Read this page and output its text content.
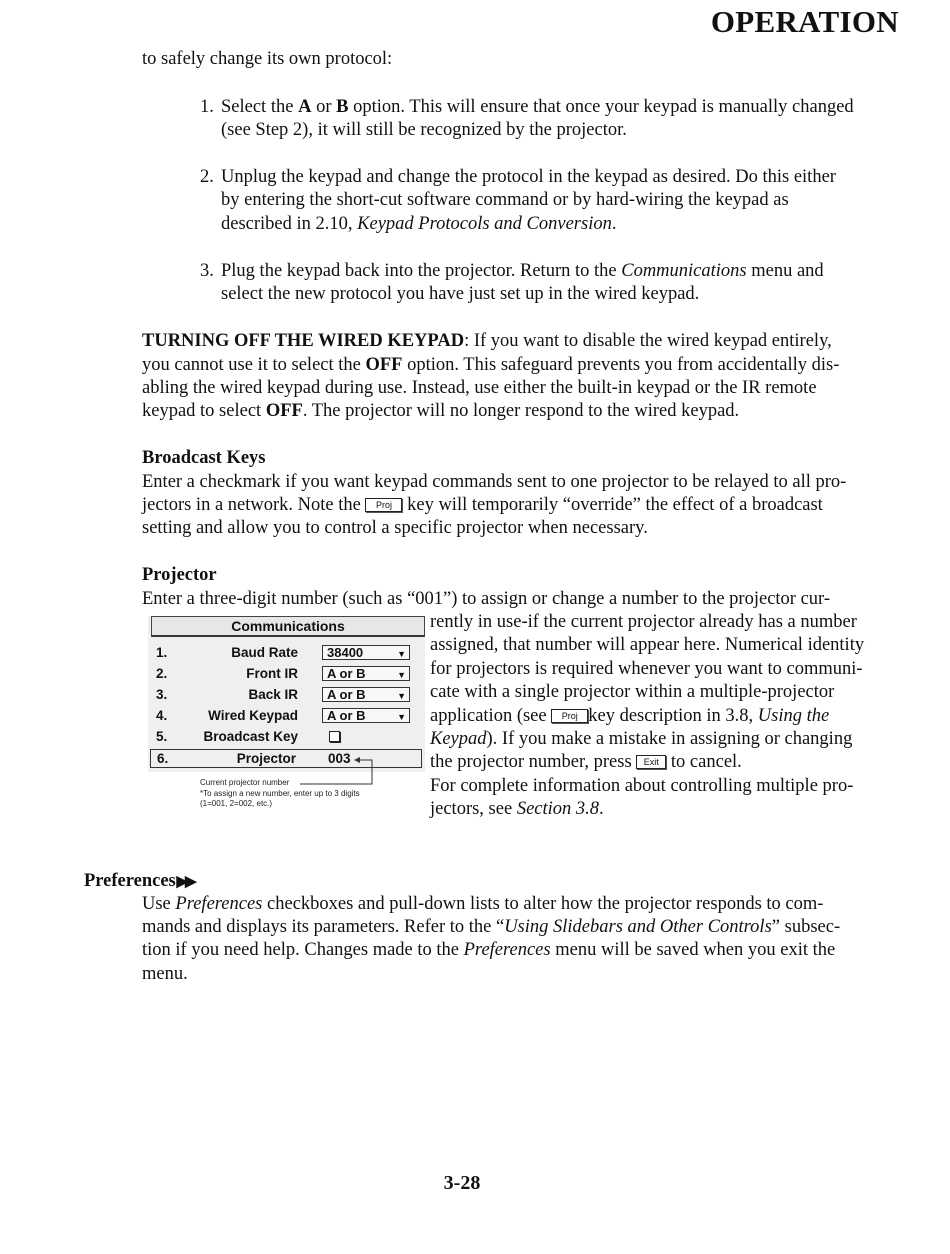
OPERATION
to safely change its own protocol:
1. Select the A or B option. This will ensure that once your keypad is manually changed
(see Step 2), it will still be recognized by the projector.
2. Unplug the keypad and change the protocol in the keypad as desired. Do this either
by entering the short-cut software command or by hard-wiring the keypad as
described in 2.10, Keypad Protocols and Conversion.
3. Plug the keypad back into the projector. Return to the Communications menu and
select the new protocol you have just set up in the wired keypad.
TURNING OFF THE WIRED KEYPAD: If you want to disable the wired keypad entirely,
you cannot use it to select the OFF option. This safeguard prevents you from accidentally dis-
abling the wired keypad during use. Instead, use either the built-in keypad or the IR remote
keypad to select OFF. The projector will no longer respond to the wired keypad.
Broadcast Keys
Enter a checkmark if you want keypad commands sent to one projector to be relayed to all pro-
jectors in a network. Note the Proj key will temporarily “override” the effect of a broadcast
setting and allow you to control a specific projector when necessary.
Projector
Enter a three-digit number (such as “001”) to assign or change a number to the projector cur-
rently in use-if the current projector already has a number
assigned, that number will appear here. Numerical identity
for projectors is required whenever you want to communi-
cate with a single projector within a multiple-projector
application (see Proj key description in 3.8, Using the
Keypad). If you make a mistake in assigning or changing
the projector number, press Exit to cancel.
For complete information about controlling multiple pro-
jectors, see Section 3.8.
Communications
1.	Baud Rate	38400	▼
2.	Front IR	A or B	▼
3.	Back IR	A or B	▼
4.	Wired Keypad	A or B	▼
5.	Broadcast Key
6.	Projector 003
Current projector number
*To assign a new number, enter up to 3 digits
(1=001, 2=002, etc.)
Preferences ▶▶
Use Preferences checkboxes and pull-down lists to alter how the projector responds to com-
mands and displays its parameters. Refer to the “Using Slidebars and Other Controls” subsec-
tion if you need help. Changes made to the Preferences menu will be saved when you exit the
menu.
3-28
